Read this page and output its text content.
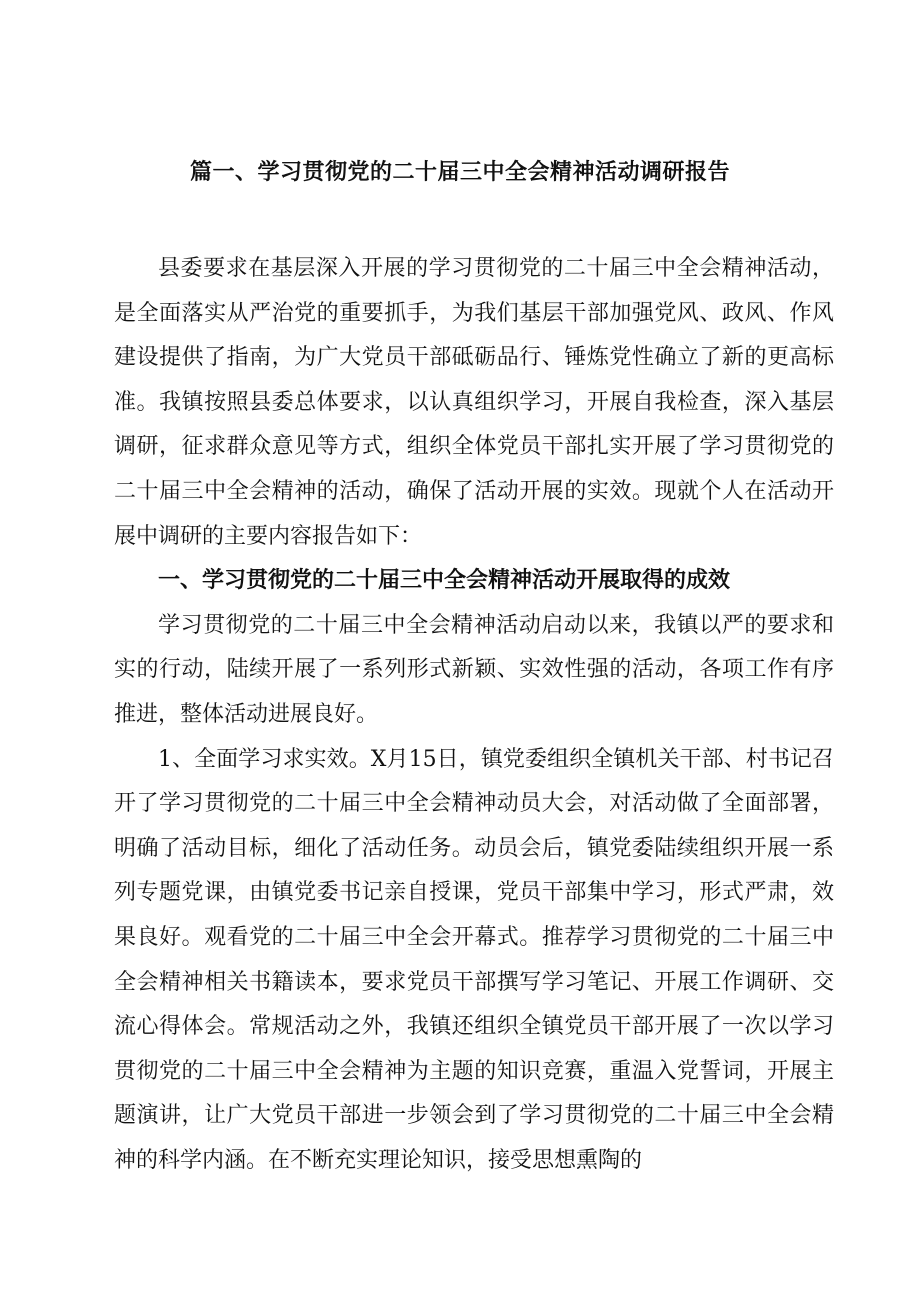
篇一、学习贯彻党的二十届三中全会精神活动调研报告

县委要求在基层深入开展的学习贯彻党的二十届三中全会精神活动，是全面落实从严治党的重要抓手，为我们基层干部加强党风、政风、作风建设提供了指南，为广大党员干部砥砺品行、锤炼党性确立了新的更高标准。我镇按照县委总体要求，以认真组织学习，开展自我检查，深入基层调研，征求群众意见等方式，组织全体党员干部扎实开展了学习贯彻党的二十届三中全会精神的活动，确保了活动开展的实效。现就个人在活动开展中调研的主要内容报告如下：

一、学习贯彻党的二十届三中全会精神活动开展取得的成效

学习贯彻党的二十届三中全会精神活动启动以来，我镇以严的要求和实的行动，陆续开展了一系列形式新颖、实效性强的活动，各项工作有序推进，整体活动进展良好。

1、全面学习求实效。X月15日，镇党委组织全镇机关干部、村书记召开了学习贯彻党的二十届三中全会精神动员大会，对活动做了全面部署，明确了活动目标，细化了活动任务。动员会后，镇党委陆续组织开展一系列专题党课，由镇党委书记亲自授课，党员干部集中学习，形式严肃，效果良好。观看党的二十届三中全会开幕式。推荐学习贯彻党的二十届三中全会精神相关书籍读本，要求党员干部撰写学习笔记、开展工作调研、交流心得体会。常规活动之外，我镇还组织全镇党员干部开展了一次以学习贯彻党的二十届三中全会精神为主题的知识竞赛，重温入党誓词，开展主题演讲，让广大党员干部进一步领会到了学习贯彻党的二十届三中全会精神的科学内涵。在不断充实理论知识，接受思想熏陶的
